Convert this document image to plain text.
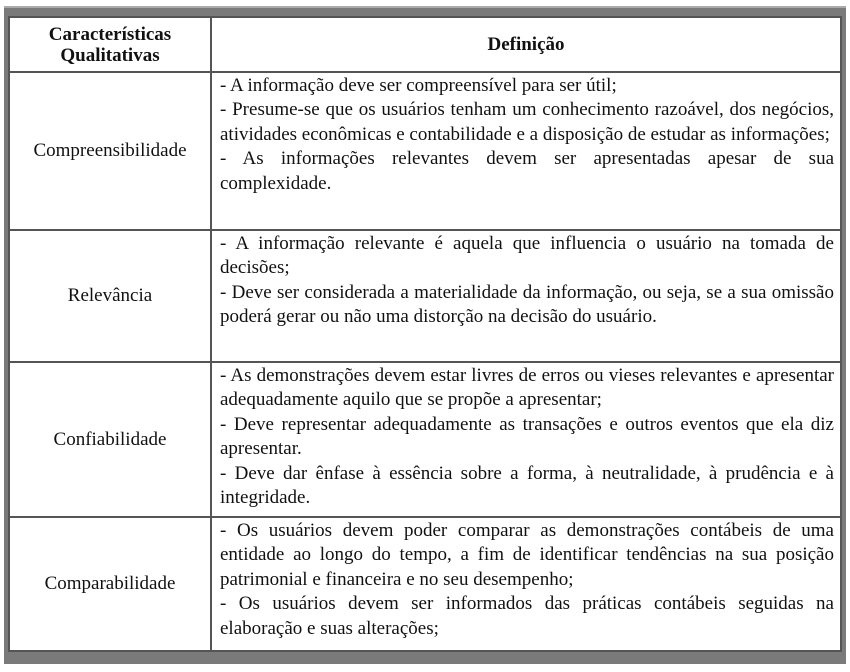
Características
Qualitativas	Definição
Compreensibilidade	- A informação deve ser compreensível para ser útil;
- Presume-se que os usuários tenham um conhecimento razoável, dos negócios, atividades econômicas e contabilidade e a disposição de estudar as informações;
- As informações relevantes devem ser apresentadas apesar de sua complexidade.

Relevância	- A informação relevante é aquela que influencia o usuário na tomada de decisões;
- Deve ser considerada a materialidade da informação, ou seja, se a sua omissão poderá gerar ou não uma distorção na decisão do usuário.

Confiabilidade	- As demonstrações devem estar livres de erros ou vieses relevantes e apresentar adequadamente aquilo que se propõe a apresentar;
- Deve representar adequadamente as transações e outros eventos que ela diz apresentar.
- Deve dar ênfase à essência sobre a forma, à neutralidade, à prudência e à integridade.

Comparabilidade	- Os usuários devem poder comparar as demonstrações contábeis de uma entidade ao longo do tempo, a fim de identificar tendências na sua posição patrimonial e financeira e no seu desempenho;
- Os usuários devem ser informados das práticas contábeis seguidas na elaboração e suas alterações;
